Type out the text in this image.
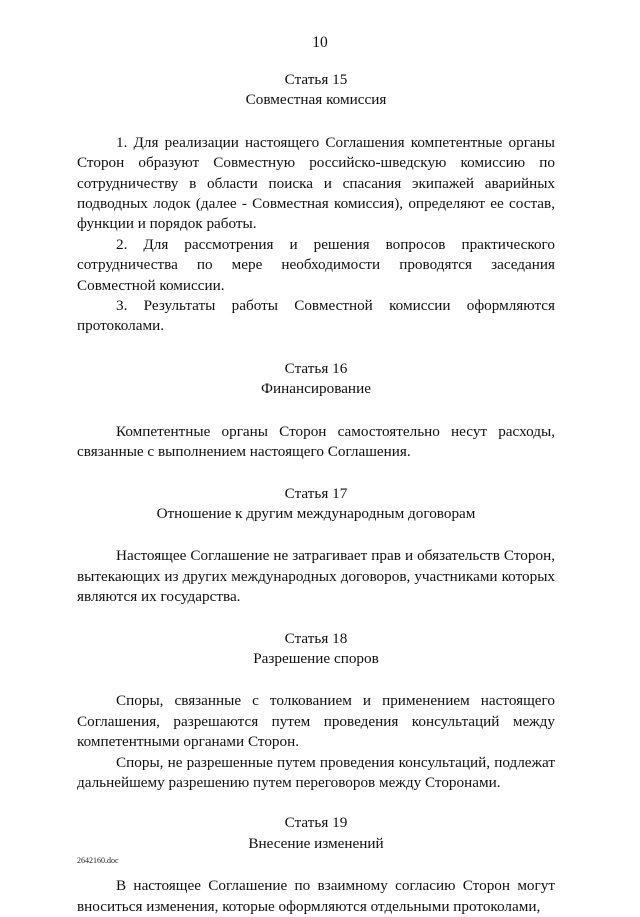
10

Статья 15

Совместная комиссия

1. Для реализации настоящего Соглашения компетентные органы Сторон образуют Совместную российско-шведскую комиссию по сотрудничеству в области поиска и спасания экипажей аварийных подводных лодок (далее - Совместная комиссия), определяют ее состав, функции и порядок работы.

2. Для рассмотрения и решения вопросов практического сотрудничества по мере необходимости проводятся заседания Совместной комиссии.

3. Результаты работы Совместной комиссии оформляются протоколами.

Статья 16

Финансирование

Компетентные органы Сторон самостоятельно несут расходы, связанные с выполнением настоящего Соглашения.

Статья 17

Отношение к другим международным договорам

Настоящее Соглашение не затрагивает прав и обязательств Сторон, вытекающих из других международных договоров, участниками которых являются их государства.

Статья 18

Разрешение споров

Споры, связанные с толкованием и применением настоящего Соглашения, разрешаются путем проведения консультаций между компетентными органами Сторон.

Споры, не разрешенные путем проведения консультаций, подлежат дальнейшему разрешению путем переговоров между Сторонами.

Статья 19

Внесение изменений

В настоящее Соглашение по взаимному согласию Сторон могут вноситься изменения, которые оформляются отдельными протоколами,

2642160.doc
